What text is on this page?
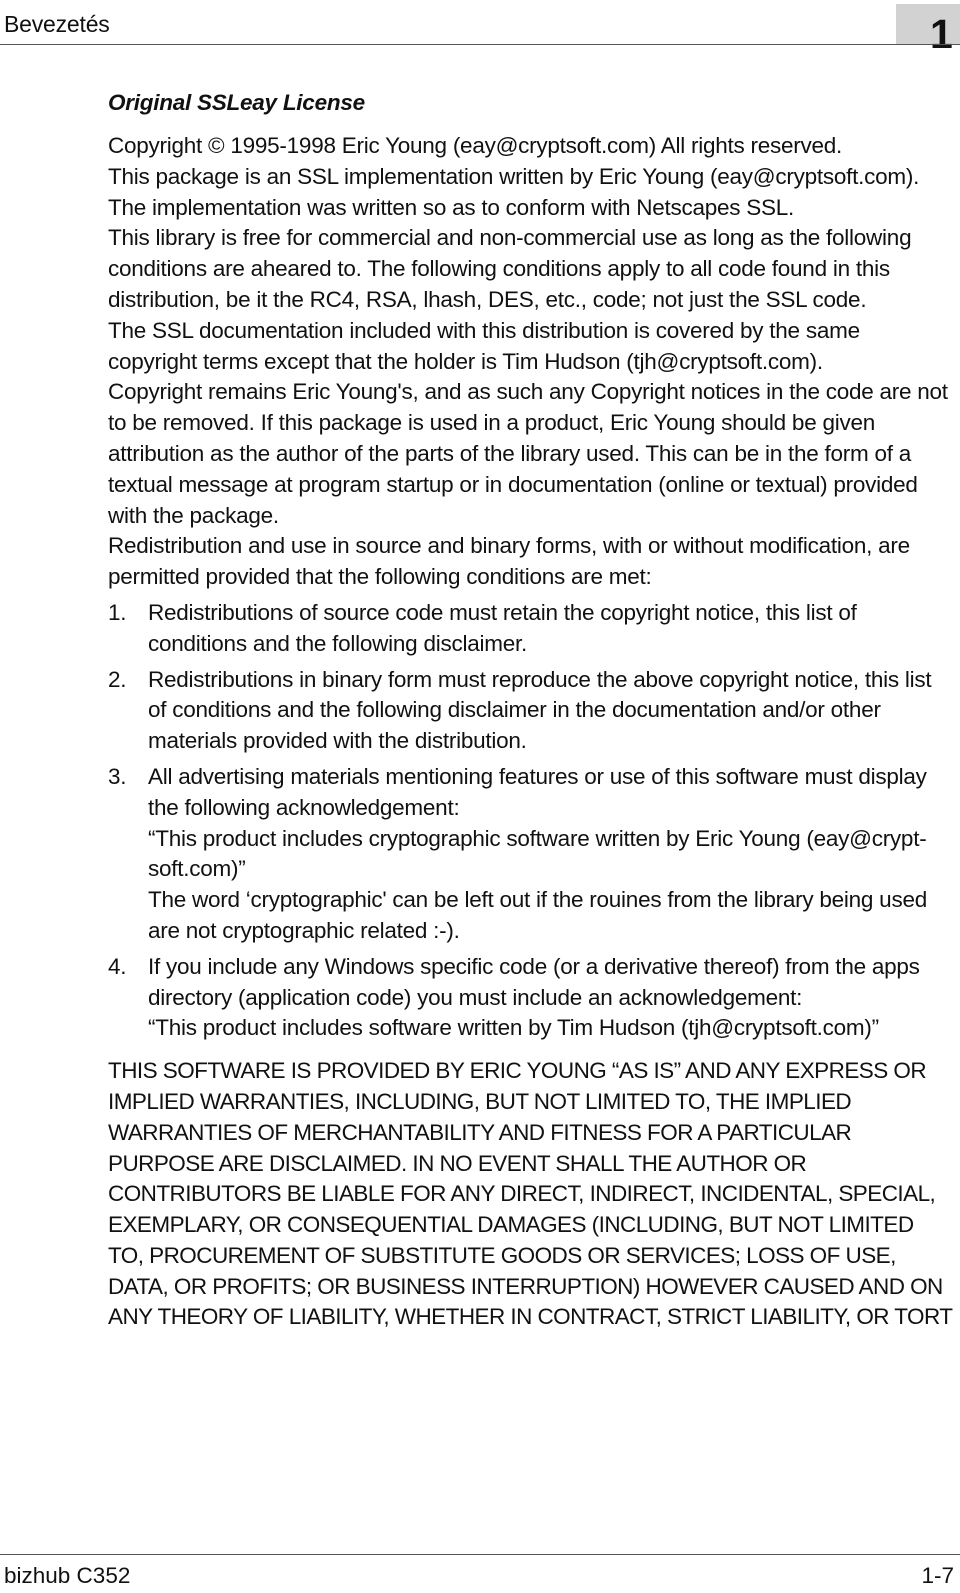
Bevezetés	1
Original SSLeay License

Copyright © 1995-1998 Eric Young (eay@cryptsoft.com) All rights reserved.

This package is an SSL implementation written by Eric Young (eay@cryptsoft.com).

The implementation was written so as to conform with Netscapes SSL.

This library is free for commercial and non-commercial use as long as the following conditions are aheared to. The following conditions apply to all code found in this distribution, be it the RC4, RSA, lhash, DES, etc., code; not just the SSL code.

The SSL documentation included with this distribution is covered by the same copyright terms except that the holder is Tim Hudson (tjh@cryptsoft.com).

Copyright remains Eric Young's, and as such any Copyright notices in the code are not to be removed. If this package is used in a product, Eric Young should be given attribution as the author of the parts of the library used. This can be in the form of a textual message at program startup or in documentation (online or textual) provided with the package.

Redistribution and use in source and binary forms, with or without modification, are permitted provided that the following conditions are met:

1. Redistributions of source code must retain the copyright notice, this list of conditions and the following disclaimer.
2. Redistributions in binary form must reproduce the above copyright notice, this list of conditions and the following disclaimer in the documentation and/or other materials provided with the distribution.
3. All advertising materials mentioning features or use of this software must display the following acknowledgement:
“This product includes cryptographic software written by Eric Young (eay@crypt-soft.com)”
The word ‘cryptographic' can be left out if the rouines from the library being used are not cryptographic related :-).
4. If you include any Windows specific code (or a derivative thereof) from the apps directory (application code) you must include an acknowledgement:
“This product includes software written by Tim Hudson (tjh@cryptsoft.com)”

THIS SOFTWARE IS PROVIDED BY ERIC YOUNG “AS IS” AND ANY EXPRESS OR IMPLIED WARRANTIES, INCLUDING, BUT NOT LIMITED TO, THE IMPLIED WARRANTIES OF MERCHANTABILITY AND FITNESS FOR A PARTICULAR PURPOSE ARE DISCLAIMED. IN NO EVENT SHALL THE AUTHOR OR CONTRIBUTORS BE LIABLE FOR ANY DIRECT, INDIRECT, INCIDENTAL, SPECIAL, EXEMPLARY, OR CONSEQUENTIAL DAMAGES (INCLUDING, BUT NOT LIMITED TO, PROCUREMENT OF SUBSTITUTE GOODS OR SERVICES; LOSS OF USE, DATA, OR PROFITS; OR BUSINESS INTERRUPTION) HOWEVER CAUSED AND ON ANY THEORY OF LIABILITY, WHETHER IN CONTRACT, STRICT LIABILITY, OR TORT

bizhub C352	1-7
